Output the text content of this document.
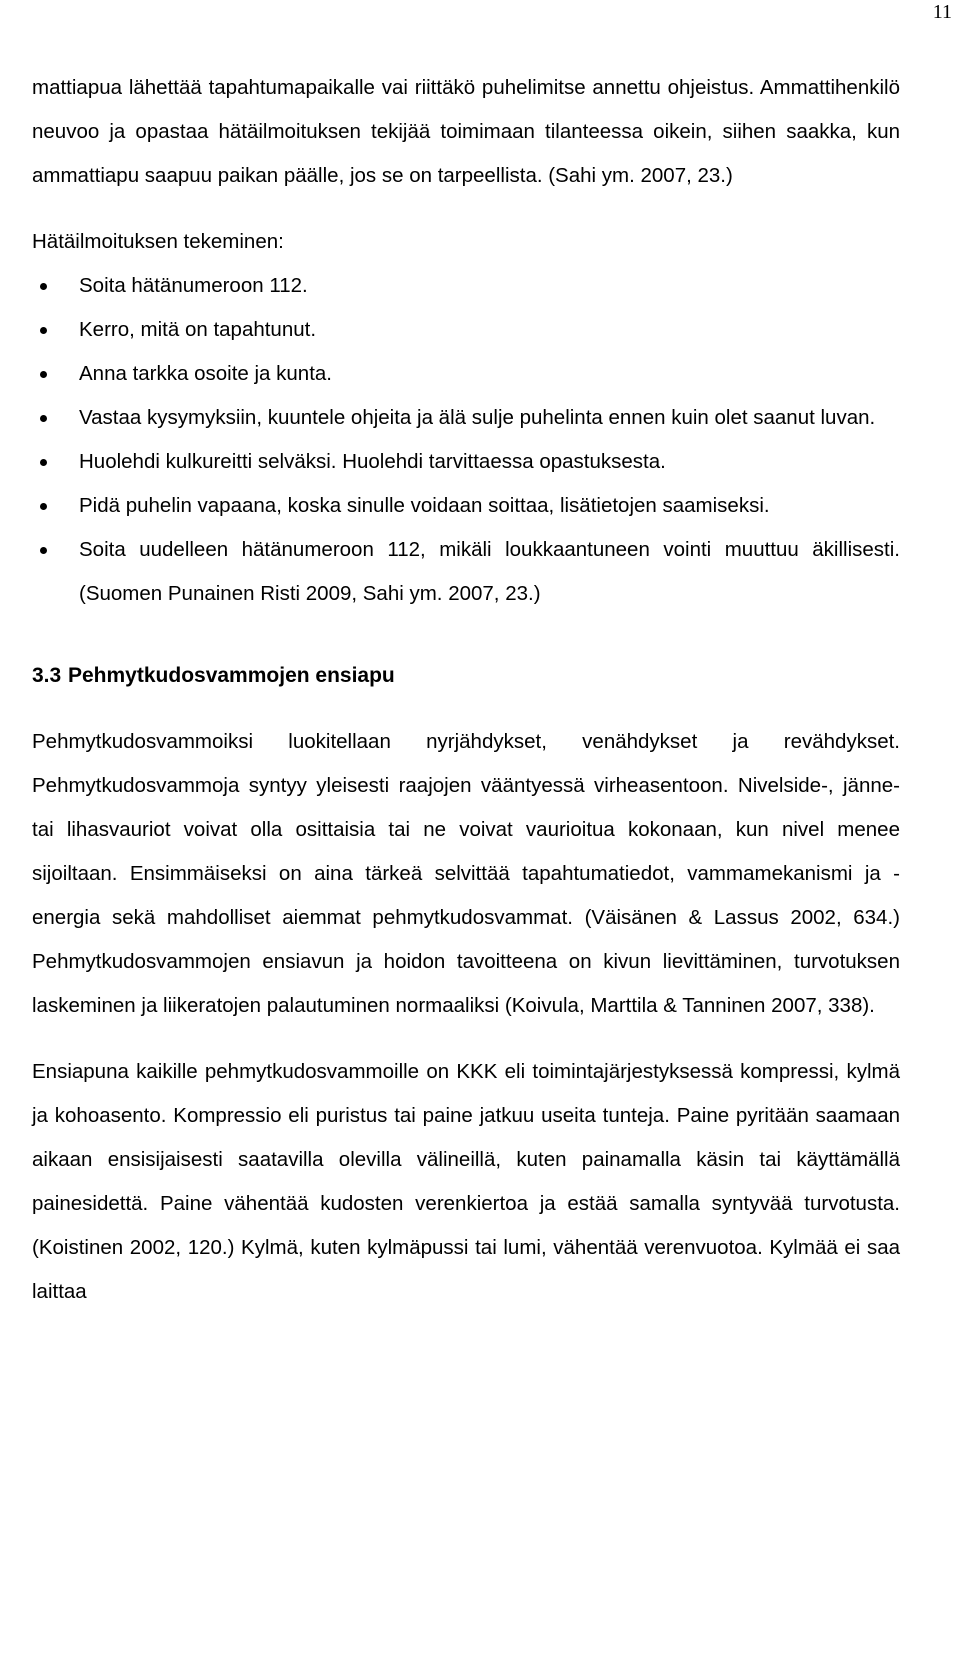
11

mattiapua lähettää tapahtumapaikalle vai riittäkö puhelimitse annettu ohjeistus. Ammattihenkilö neuvoo ja opastaa hätäilmoituksen tekijää toimimaan tilanteessa oikein, siihen saakka, kun ammattiapu saapuu paikan päälle, jos se on tarpeellista. (Sahi ym. 2007, 23.)

Hätäilmoituksen tekeminen:

Soita hätänumeroon 112.
Kerro, mitä on tapahtunut.
Anna tarkka osoite ja kunta.
Vastaa kysymyksiin, kuuntele ohjeita ja älä sulje puhelinta ennen kuin olet saanut luvan.
Huolehdi kulkureitti selväksi. Huolehdi tarvittaessa opastuksesta.
Pidä puhelin vapaana, koska sinulle voidaan soittaa, lisätietojen saamiseksi.
Soita uudelleen hätänumeroon 112, mikäli loukkaantuneen vointi muuttuu äkillisesti. (Suomen Punainen Risti 2009, Sahi ym. 2007, 23.)
3.3 Pehmytkudosvammojen ensiapu

Pehmytkudosvammoiksi luokitellaan nyrjähdykset, venähdykset ja revähdykset. Pehmytkudosvammoja syntyy yleisesti raajojen vääntyessä virheasentoon. Nivelside-, jänne- tai lihasvauriot voivat olla osittaisia tai ne voivat vaurioitua kokonaan, kun nivel menee sijoiltaan. Ensimmäiseksi on aina tärkeä selvittää tapahtumatiedot, vammamekanismi ja -energia sekä mahdolliset aiemmat pehmytkudosvammat. (Väisänen & Lassus 2002, 634.) Pehmytkudosvammojen ensiavun ja hoidon tavoitteena on kivun lievittäminen, turvotuksen laskeminen ja liikeratojen palautuminen normaaliksi (Koivula, Marttila & Tanninen 2007, 338).

Ensiapuna kaikille pehmytkudosvammoille on KKK eli toimintajärjestyksessä kompressi, kylmä ja kohoasento. Kompressio eli puristus tai paine jatkuu useita tunteja. Paine pyritään saamaan aikaan ensisijaisesti saatavilla olevilla välineillä, kuten painamalla käsin tai käyttämällä painesidettä. Paine vähentää kudosten verenkiertoa ja estää samalla syntyvää turvotusta. (Koistinen 2002, 120.) Kylmä, kuten kylmäpussi tai lumi, vähentää verenvuotoa. Kylmää ei saa laittaa
